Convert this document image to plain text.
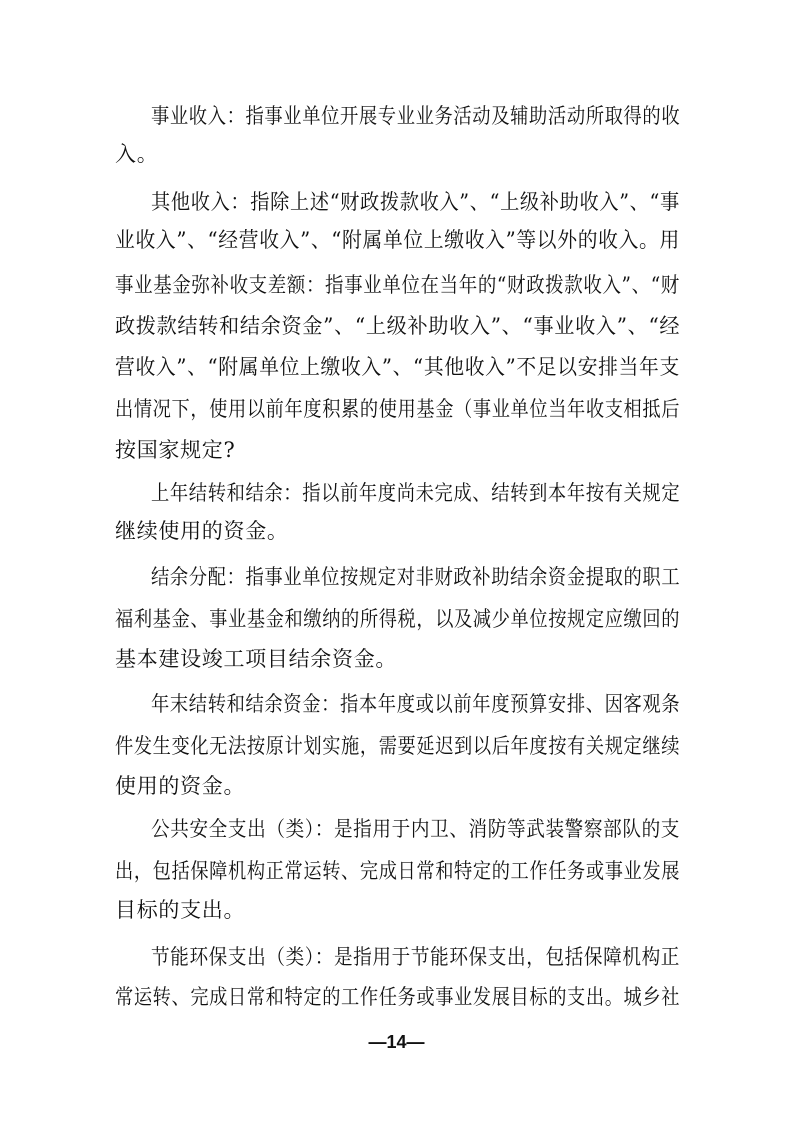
事业收入：指事业单位开展专业业务活动及辅助活动所取得的收
入。
其他收入：指除上述“财政拨款收入”、“上级补助收入”、“事
业收入”、“经营收入”、“附属单位上缴收入”等以外的收入。用
事业基金弥补收支差额：指事业单位在当年的“财政拨款收入”、“财
政拨款结转和结余资金”、“上级补助收入”、“事业收入”、“经
营收入”、“附属单位上缴收入”、“其他收入”不足以安排当年支
出情况下，使用以前年度积累的使用基金（事业单位当年收支相抵后
按国家规定?
上年结转和结余：指以前年度尚未完成、结转到本年按有关规定
继续使用的资金。
结余分配：指事业单位按规定对非财政补助结余资金提取的职工
福利基金、事业基金和缴纳的所得税，以及减少单位按规定应缴回的
基本建设竣工项目结余资金。
年末结转和结余资金：指本年度或以前年度预算安排、因客观条
件发生变化无法按原计划实施，需要延迟到以后年度按有关规定继续
使用的资金。
公共安全支出（类）：是指用于内卫、消防等武装警察部队的支
出，包括保障机构正常运转、完成日常和特定的工作任务或事业发展
目标的支出。
节能环保支出（类）：是指用于节能环保支出，包括保障机构正
常运转、完成日常和特定的工作任务或事业发展目标的支出。城乡社
—14—
